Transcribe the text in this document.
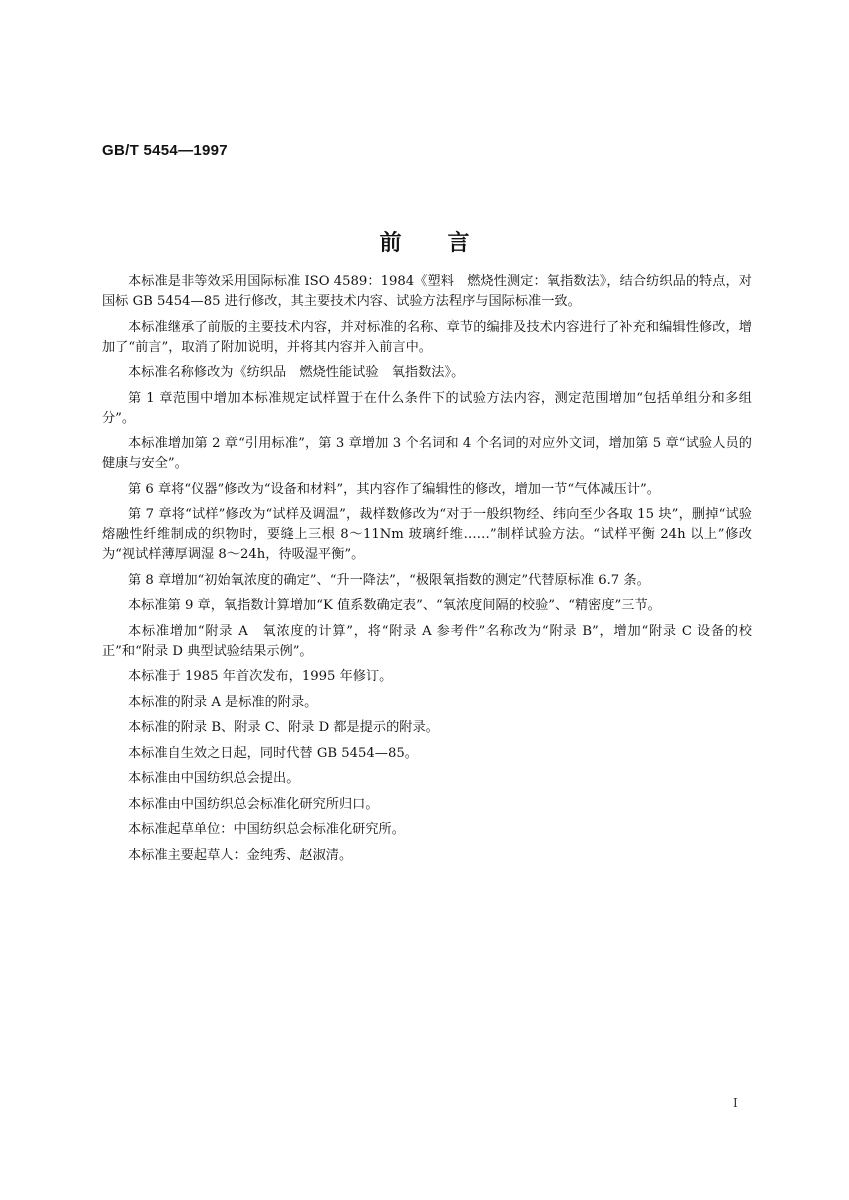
GB/T 5454—1997
前言

本标准是非等效采用国际标准 ISO 4589：1984《塑料　燃烧性测定：氧指数法》，结合纺织品的特点，对国标 GB 5454—85 进行修改，其主要技术内容、试验方法程序与国际标准一致。

本标准继承了前版的主要技术内容，并对标准的名称、章节的编排及技术内容进行了补充和编辑性修改，增加了“前言”，取消了附加说明，并将其内容并入前言中。

本标准名称修改为《纺织品　燃烧性能试验　氧指数法》。

第 1 章范围中增加本标准规定试样置于在什么条件下的试验方法内容，测定范围增加“包括单组分和多组分”。

本标准增加第 2 章“引用标准”，第 3 章增加 3 个名词和 4 个名词的对应外文词，增加第 5 章“试验人员的健康与安全”。

第 6 章将“仪器”修改为“设备和材料”，其内容作了编辑性的修改，增加一节“气体减压计”。

第 7 章将“试样”修改为“试样及调温”，裁样数修改为“对于一般织物经、纬向至少各取 15 块”，删掉“试验熔融性纤维制成的织物时，要缝上三根 8～11Nm 玻璃纤维……”制样试验方法。“试样平衡 24h 以上”修改为“视试样薄厚调湿 8～24h，待吸湿平衡”。

第 8 章增加“初始氧浓度的确定”、“升一降法”，“极限氧指数的测定”代替原标准 6.7 条。

本标准第 9 章，氧指数计算增加“K 值系数确定表”、“氧浓度间隔的校验”、“精密度”三节。

本标准增加“附录 A　氧浓度的计算”，将“附录 A 参考件”名称改为“附录 B”，增加“附录 C 设备的校正”和“附录 D 典型试验结果示例”。

本标准于 1985 年首次发布，1995 年修订。

本标准的附录 A 是标准的附录。

本标准的附录 B、附录 C、附录 D 都是提示的附录。

本标准自生效之日起，同时代替 GB 5454—85。

本标准由中国纺织总会提出。

本标准由中国纺织总会标准化研究所归口。

本标准起草单位：中国纺织总会标准化研究所。

本标准主要起草人：金纯秀、赵淑清。

I
